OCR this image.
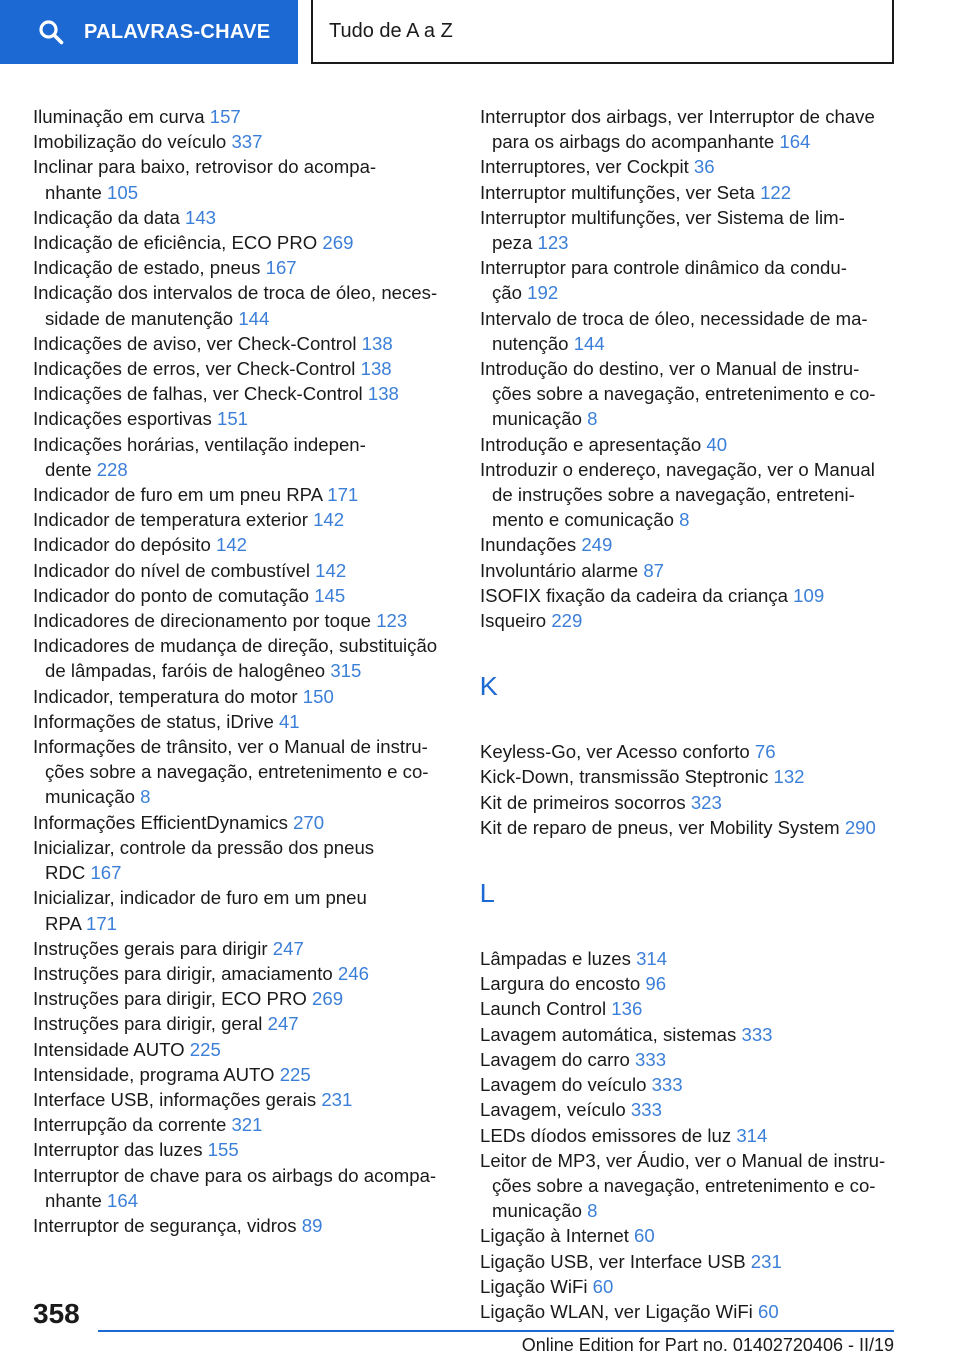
PALAVRAS-CHAVE	Tudo de A a Z
Iluminação em curva 157
Imobilização do veículo 337
Inclinar para baixo, retrovisor do acompa-
nhante 105
Indicação da data 143
Indicação de eficiência, ECO PRO 269
Indicação de estado, pneus 167
Indicação dos intervalos de troca de óleo, neces-
sidade de manutenção 144
Indicações de aviso, ver Check-Control 138
Indicações de erros, ver Check-Control 138
Indicações de falhas, ver Check-Control 138
Indicações esportivas 151
Indicações horárias, ventilação indepen-
dente 228
Indicador de furo em um pneu RPA 171
Indicador de temperatura exterior 142
Indicador do depósito 142
Indicador do nível de combustível 142
Indicador do ponto de comutação 145
Indicadores de direcionamento por toque 123
Indicadores de mudança de direção, substituição
de lâmpadas, faróis de halogêneo 315
Indicador, temperatura do motor 150
Informações de status, iDrive 41
Informações de trânsito, ver o Manual de instru-
ções sobre a navegação, entretenimento e co-
municação 8
Informações EfficientDynamics 270
Inicializar, controle da pressão dos pneus
RDC 167
Inicializar, indicador de furo em um pneu
RPA 171
Instruções gerais para dirigir 247
Instruções para dirigir, amaciamento 246
Instruções para dirigir, ECO PRO 269
Instruções para dirigir, geral 247
Intensidade AUTO 225
Intensidade, programa AUTO 225
Interface USB, informações gerais 231
Interrupção da corrente 321
Interruptor das luzes 155
Interruptor de chave para os airbags do acompa-
nhante 164
Interruptor de segurança, vidros 89
Interruptor dos airbags, ver Interruptor de chave
para os airbags do acompanhante 164
Interruptores, ver Cockpit 36
Interruptor multifunções, ver Seta 122
Interruptor multifunções, ver Sistema de lim-
peza 123
Interruptor para controle dinâmico da condu-
ção 192
Intervalo de troca de óleo, necessidade de ma-
nutenção 144
Introdução do destino, ver o Manual de instru-
ções sobre a navegação, entretenimento e co-
municação 8
Introdução e apresentação 40
Introduzir o endereço, navegação, ver o Manual
de instruções sobre a navegação, entreteni-
mento e comunicação 8
Inundações 249
Involuntário alarme 87
ISOFIX fixação da cadeira da criança 109
Isqueiro 229
K
Keyless-Go, ver Acesso conforto 76
Kick-Down, transmissão Steptronic 132
Kit de primeiros socorros 323
Kit de reparo de pneus, ver Mobility System 290
L
Lâmpadas e luzes 314
Largura do encosto 96
Launch Control 136
Lavagem automática, sistemas 333
Lavagem do carro 333
Lavagem do veículo 333
Lavagem, veículo 333
LEDs díodos emissores de luz 314
Leitor de MP3, ver Áudio, ver o Manual de instru-
ções sobre a navegação, entretenimento e co-
municação 8
Ligação à Internet 60
Ligação USB, ver Interface USB 231
Ligação WiFi 60
Ligação WLAN, ver Ligação WiFi 60
358
Online Edition for Part no. 01402720406 - II/19
